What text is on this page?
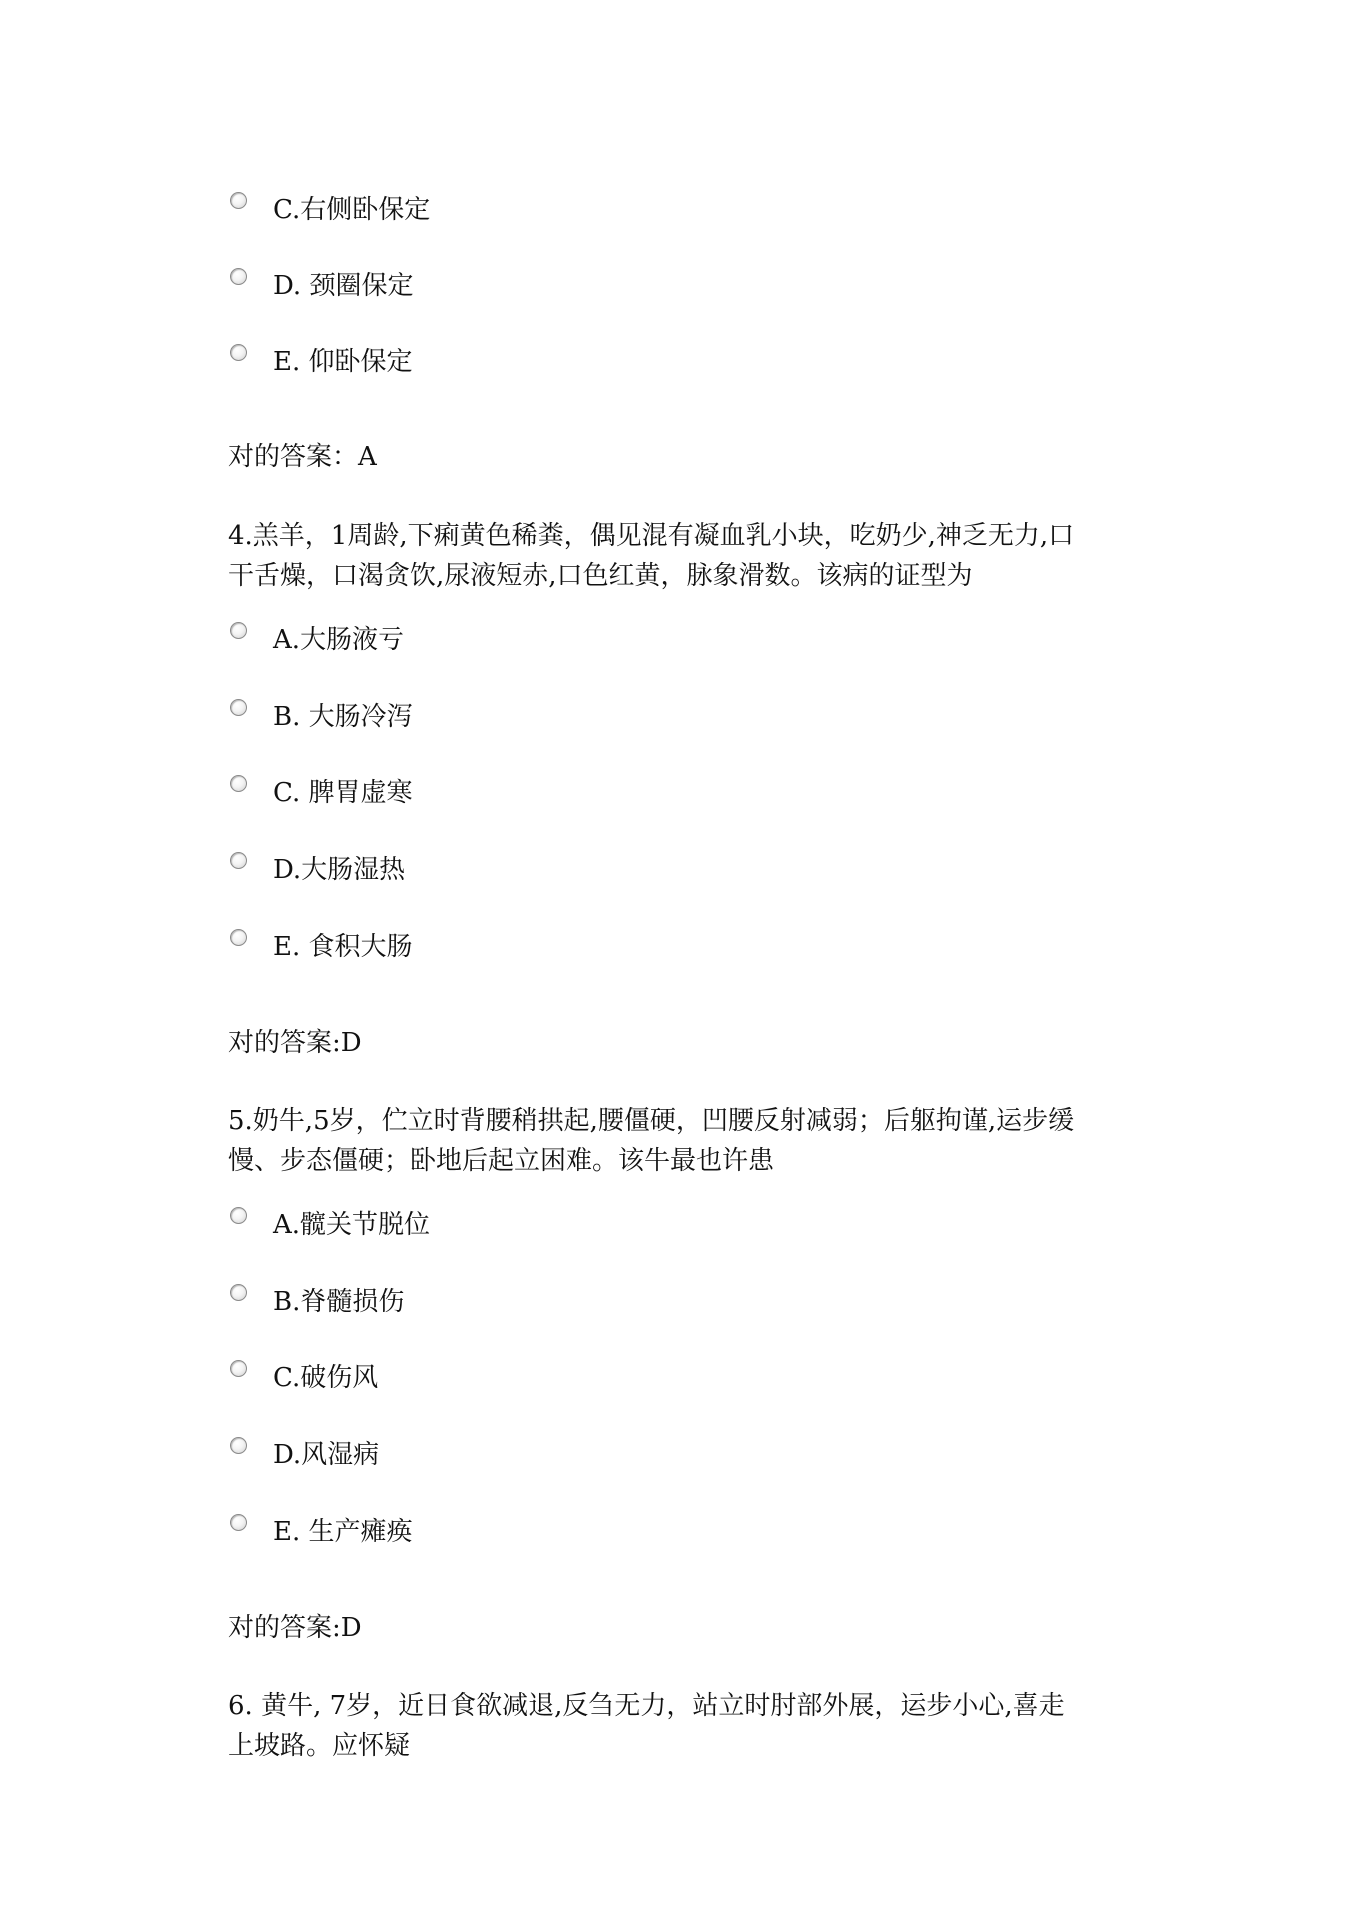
C.右侧卧保定
D. 颈圈保定
E. 仰卧保定

对的答案：A

4.羔羊，1周龄,下痢黄色稀粪，偶见混有凝血乳小块，吃奶少,神乏无力,口

干舌燥，口渴贪饮,尿液短赤,口色红黄，脉象滑数。该病的证型为

A.大肠液亏
B. 大肠冷泻
C. 脾胃虚寒
D.大肠湿热
E. 食积大肠

对的答案:D

5.奶牛,5岁，伫立时背腰稍拱起,腰僵硬，凹腰反射减弱；后躯拘谨,运步缓

慢、步态僵硬；卧地后起立困难。该牛最也许患

A.髋关节脱位
B.脊髓损伤
C.破伤风
D.风湿病
E. 生产瘫痪

对的答案:D

6. 黄牛, 7岁，近日食欲减退,反刍无力，站立时肘部外展，运步小心,喜走

上坡路。应怀疑
